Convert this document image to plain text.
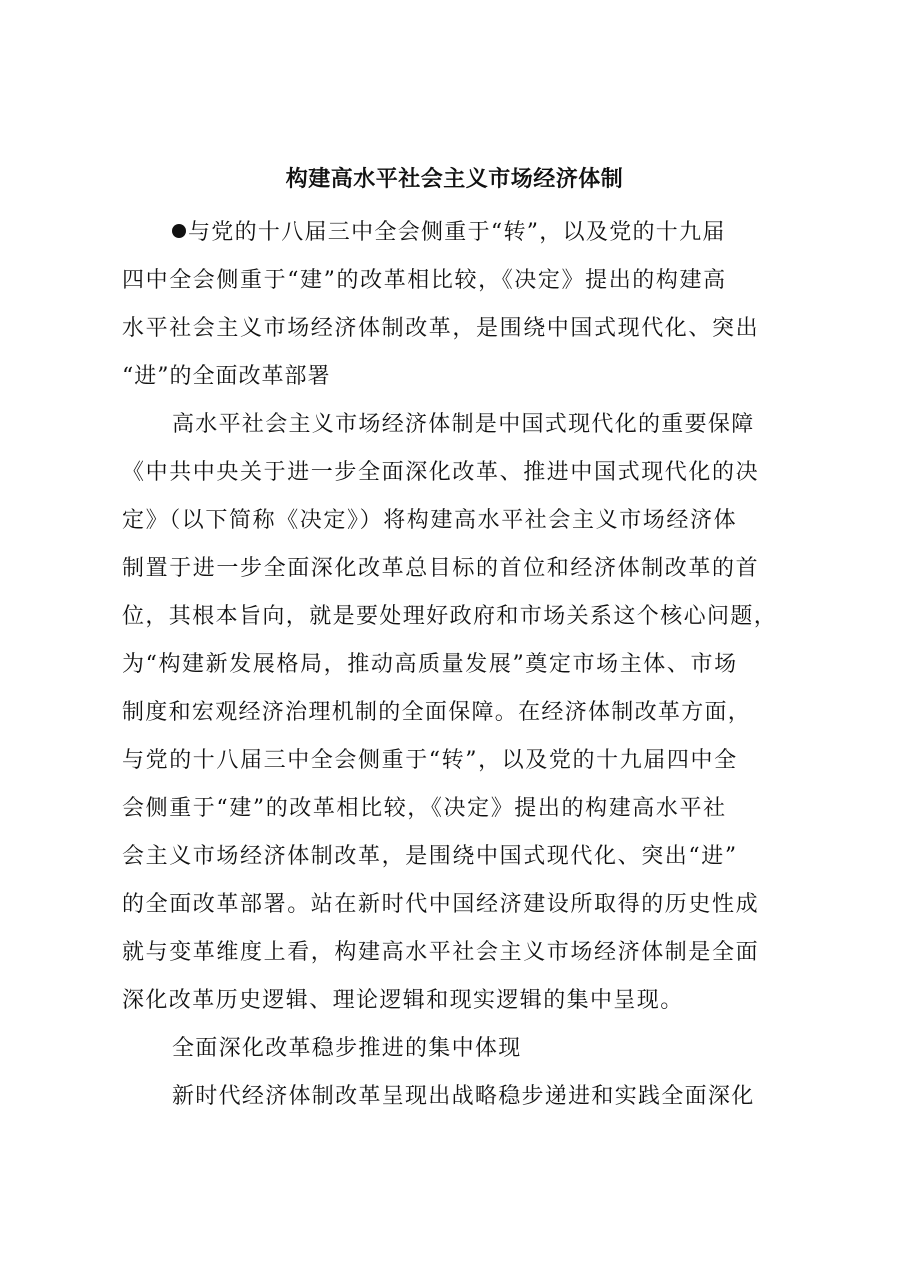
构建高水平社会主义市场经济体制
与党的十八届三中全会侧重于“转”，以及党的十九届
四中全会侧重于“建”的改革相比较，《决定》提出的构建高
水平社会主义市场经济体制改革，是围绕中国式现代化、突出
“进”的全面改革部署
高水平社会主义市场经济体制是中国式现代化的重要保障
《中共中央关于进一步全面深化改革、推进中国式现代化的决
定》（以下简称《决定》）将构建高水平社会主义市场经济体
制置于进一步全面深化改革总目标的首位和经济体制改革的首
位，其根本旨向，就是要处理好政府和市场关系这个核心问题，
为“构建新发展格局，推动高质量发展”奠定市场主体、市场
制度和宏观经济治理机制的全面保障。在经济体制改革方面，
与党的十八届三中全会侧重于“转”，以及党的十九届四中全
会侧重于“建”的改革相比较，《决定》提出的构建高水平社
会主义市场经济体制改革，是围绕中国式现代化、突出“进”
的全面改革部署。站在新时代中国经济建设所取得的历史性成
就与变革维度上看，构建高水平社会主义市场经济体制是全面
深化改革历史逻辑、理论逻辑和现实逻辑的集中呈现。
全面深化改革稳步推进的集中体现
新时代经济体制改革呈现出战略稳步递进和实践全面深化
